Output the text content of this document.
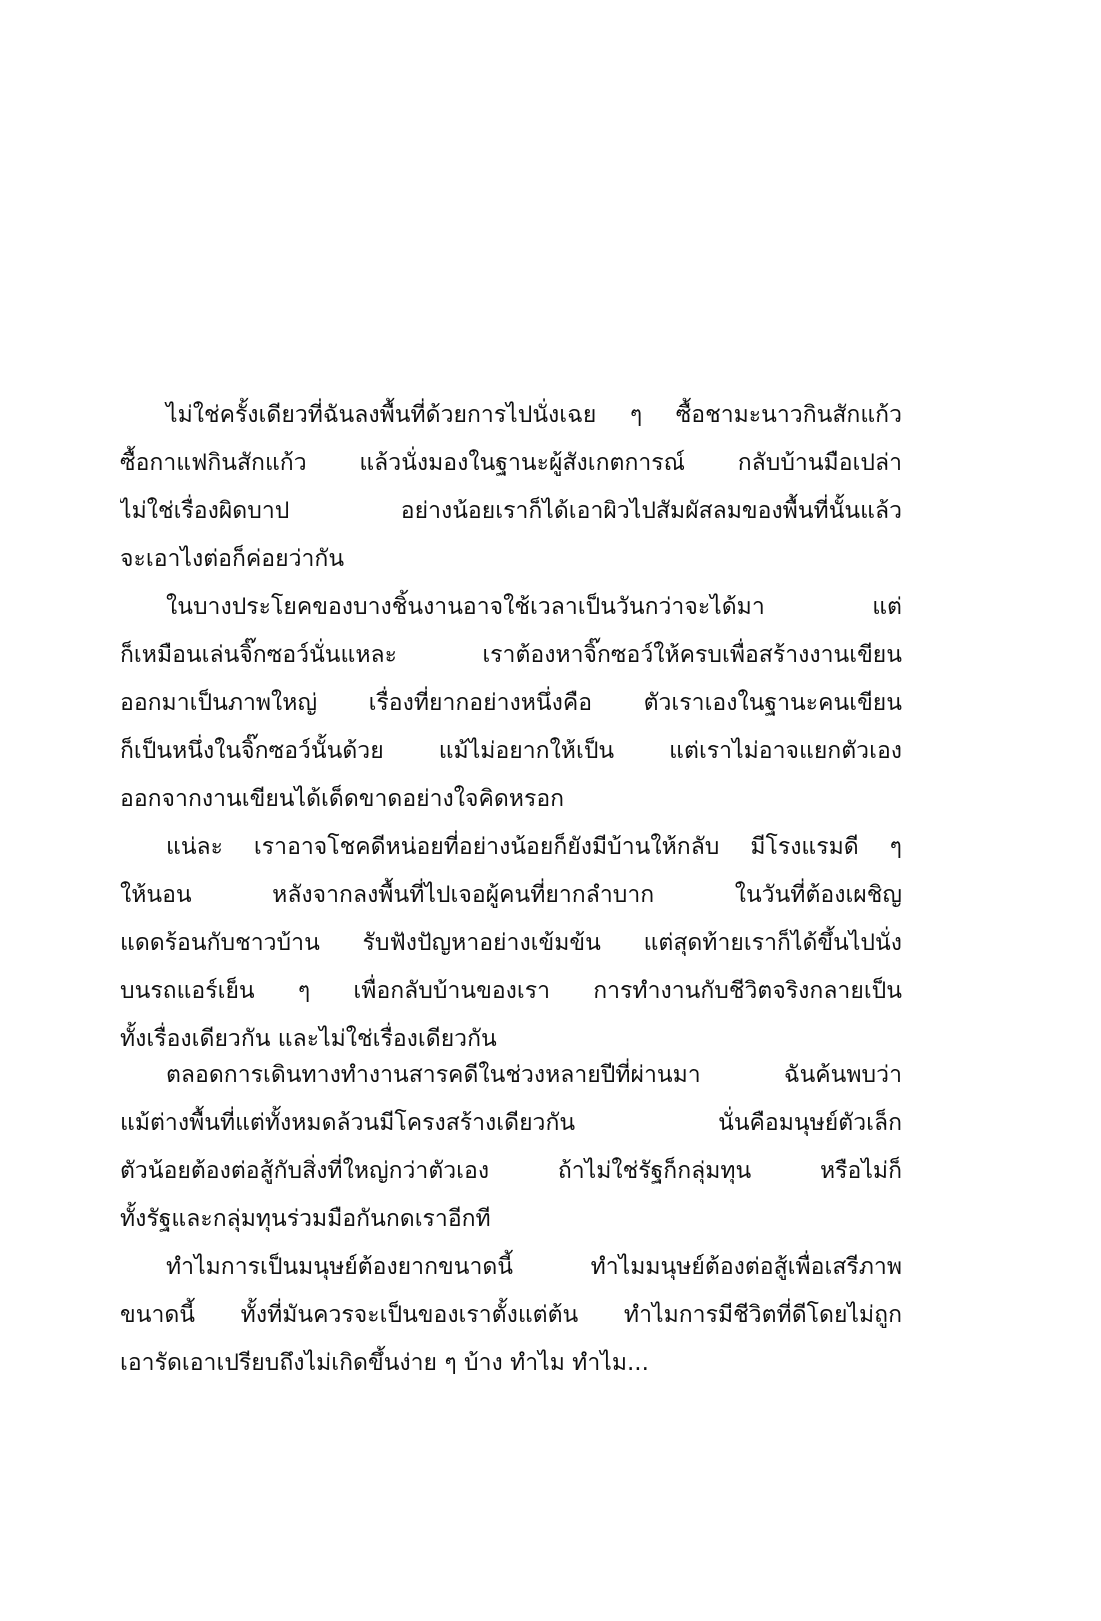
ไม่ใช่ครั้งเดียวที่ฉันลงพื้นที่ด้วยการไปนั่งเฉย ๆ ซื้อชามะนาวกินสักแก้ว
ซื้อกาแฟกินสักแก้ว แล้วนั่งมองในฐานะผู้สังเกตการณ์ กลับบ้านมือเปล่า
ไม่ใช่เรื่องผิดบาป อย่างน้อยเราก็ได้เอาผิวไปสัมผัสลมของพื้นที่นั้นแล้ว
จะเอาไงต่อก็ค่อยว่ากัน
ในบางประโยคของบางชิ้นงานอาจใช้เวลาเป็นวันกว่าจะได้มา แต่
ก็เหมือนเล่นจิ๊กซอว์นั่นแหละ เราต้องหาจิ๊กซอว์ให้ครบเพื่อสร้างงานเขียน
ออกมาเป็นภาพใหญ่ เรื่องที่ยากอย่างหนึ่งคือ ตัวเราเองในฐานะคนเขียน
ก็เป็นหนึ่งในจิ๊กซอว์นั้นด้วย แม้ไม่อยากให้เป็น แต่เราไม่อาจแยกตัวเอง
ออกจากงานเขียนได้เด็ดขาดอย่างใจคิดหรอก
แน่ละ เราอาจโชคดีหน่อยที่อย่างน้อยก็ยังมีบ้านให้กลับ มีโรงแรมดี ๆ
ให้นอน หลังจากลงพื้นที่ไปเจอผู้คนที่ยากลำบาก ในวันที่ต้องเผชิญ
แดดร้อนกับชาวบ้าน รับฟังปัญหาอย่างเข้มข้น แต่สุดท้ายเราก็ได้ขึ้นไปนั่ง
บนรถแอร์เย็น ๆ เพื่อกลับบ้านของเรา การทำงานกับชีวิตจริงกลายเป็น
ทั้งเรื่องเดียวกัน และไม่ใช่เรื่องเดียวกัน
ตลอดการเดินทางทำงานสารคดีในช่วงหลายปีที่ผ่านมา ฉันค้นพบว่า
แม้ต่างพื้นที่แต่ทั้งหมดล้วนมีโครงสร้างเดียวกัน นั่นคือมนุษย์ตัวเล็ก
ตัวน้อยต้องต่อสู้กับสิ่งที่ใหญ่กว่าตัวเอง ถ้าไม่ใช่รัฐก็กลุ่มทุน หรือไม่ก็
ทั้งรัฐและกลุ่มทุนร่วมมือกันกดเราอีกที
ทำไมการเป็นมนุษย์ต้องยากขนาดนี้ ทำไมมนุษย์ต้องต่อสู้เพื่อเสรีภาพ
ขนาดนี้ ทั้งที่มันควรจะเป็นของเราตั้งแต่ต้น ทำไมการมีชีวิตที่ดีโดยไม่ถูก
เอารัดเอาเปรียบถึงไม่เกิดขึ้นง่าย ๆ บ้าง ทำไม ทำไม...
